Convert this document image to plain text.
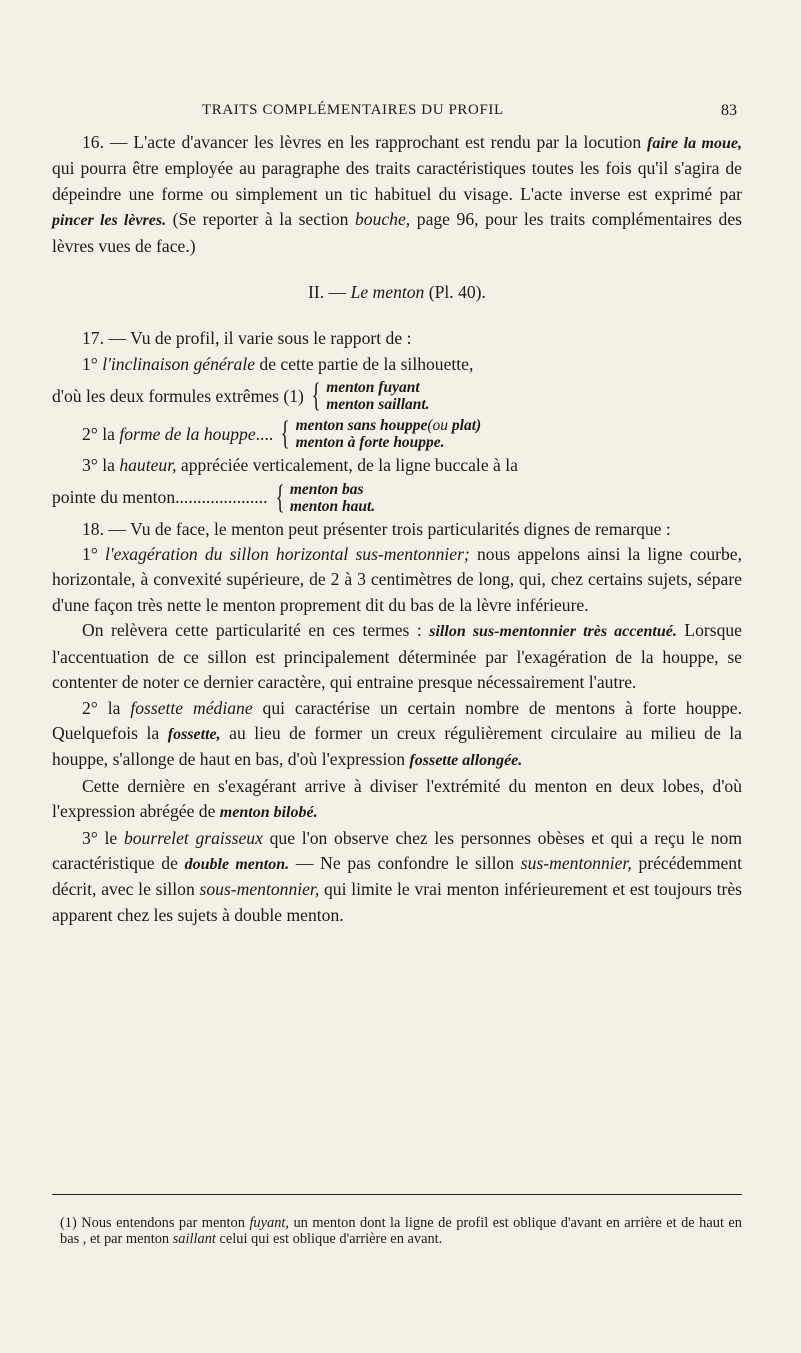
TRAITS COMPLÉMENTAIRES DU PROFIL	83

16. — L'acte d'avancer les lèvres en les rapprochant est rendu par la locution faire la moue, qui pourra être employée au paragraphe des traits caractéristiques toutes les fois qu'il s'agira de dépeindre une forme ou simplement un tic habituel du visage. L'acte inverse est exprimé par pincer les lèvres. (Se reporter à la section bouche, page 96, pour les traits complémentaires des lèvres vues de face.)

II. — Le menton (Pl. 40).

17. — Vu de profil, il varie sous le rapport de :

1° l'inclinaison générale de cette partie de la silhouette,

d'où les deux formules extrêmes (1) { menton fuyant
menton saillant.
2° la forme de la houppe.... { menton sans houppe(ou plat)
menton à forte houppe.

3° la hauteur, appréciée verticalement, de la ligne buccale à la

pointe du menton..................... { menton bas
menton haut.

18. — Vu de face, le menton peut présenter trois particularités dignes de remarque :

1° l'exagération du sillon horizontal sus-mentonnier; nous appelons ainsi la ligne courbe, horizontale, à convexité supérieure, de 2 à 3 centimètres de long, qui, chez certains sujets, sépare d'une façon très nette le menton proprement dit du bas de la lèvre inférieure.

On relèvera cette particularité en ces termes : sillon sus-mentonnier très accentué. Lorsque l'accentuation de ce sillon est principalement déterminée par l'exagération de la houppe, se contenter de noter ce dernier caractère, qui entraine presque nécessairement l'autre.

2° la fossette médiane qui caractérise un certain nombre de mentons à forte houppe. Quelquefois la fossette, au lieu de former un creux régulièrement circulaire au milieu de la houppe, s'allonge de haut en bas, d'où l'expression fossette allongée.

Cette dernière en s'exagérant arrive à diviser l'extrémité du menton en deux lobes, d'où l'expression abrégée de menton bilobé.

3° le bourrelet graisseux que l'on observe chez les personnes obèses et qui a reçu le nom caractéristique de double menton. — Ne pas confondre le sillon sus-mentonnier, précédemment décrit, avec le sillon sous-mentonnier, qui limite le vrai menton inférieurement et est toujours très apparent chez les sujets à double menton.

(1) Nous entendons par menton fuyant, un menton dont la ligne de profil est oblique d'avant en arrière et de haut en bas , et par menton saillant celui qui est oblique d'arrière en avant.
